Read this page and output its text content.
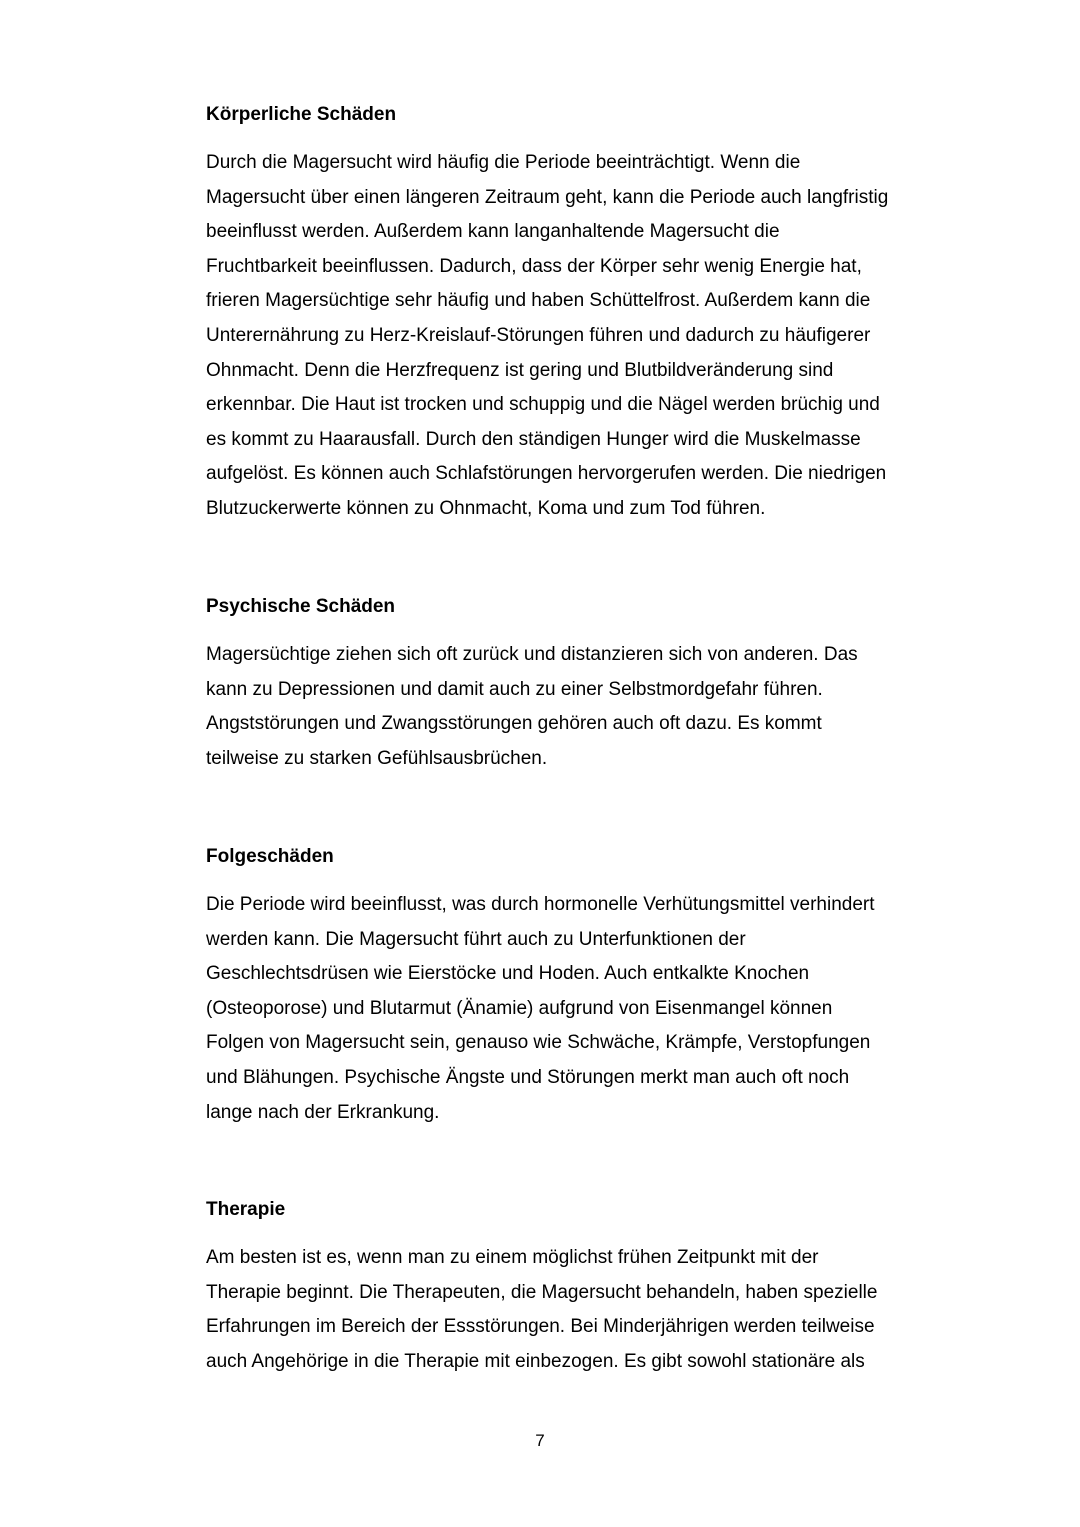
Körperliche Schäden

Durch die Magersucht wird häufig die Periode beeinträchtigt. Wenn die

Magersucht über einen längeren Zeitraum geht, kann die Periode auch langfristig

beeinflusst werden. Außerdem kann langanhaltende Magersucht die

Fruchtbarkeit beeinflussen. Dadurch, dass der Körper sehr wenig Energie hat,

frieren Magersüchtige sehr häufig und haben Schüttelfrost. Außerdem kann die

Unterernährung zu Herz-Kreislauf-Störungen führen und dadurch zu häufigerer

Ohnmacht. Denn die Herzfrequenz ist gering und Blutbildveränderung sind

erkennbar. Die Haut ist trocken und schuppig und die Nägel werden brüchig und

es kommt zu Haarausfall. Durch den ständigen Hunger wird die Muskelmasse

aufgelöst. Es können auch Schlafstörungen hervorgerufen werden. Die niedrigen

Blutzuckerwerte können zu Ohnmacht, Koma und zum Tod führen.

Psychische Schäden

Magersüchtige ziehen sich oft zurück und distanzieren sich von anderen. Das

kann zu Depressionen und damit auch zu einer Selbstmordgefahr führen.

Angststörungen und Zwangsstörungen gehören auch oft dazu. Es kommt

teilweise zu starken Gefühlsausbrüchen.

Folgeschäden

Die Periode wird beeinflusst, was durch hormonelle Verhütungsmittel verhindert

werden kann. Die Magersucht führt auch zu Unterfunktionen der

Geschlechtsdrüsen wie Eierstöcke und Hoden. Auch entkalkte Knochen

(Osteoporose) und Blutarmut (Änamie) aufgrund von Eisenmangel können

Folgen von Magersucht sein, genauso wie Schwäche, Krämpfe, Verstopfungen

und Blähungen. Psychische Ängste und Störungen merkt man auch oft noch

lange nach der Erkrankung.

Therapie

Am besten ist es, wenn man zu einem möglichst frühen Zeitpunkt mit der

Therapie beginnt. Die Therapeuten, die Magersucht behandeln, haben spezielle

Erfahrungen im Bereich der Essstörungen. Bei Minderjährigen werden teilweise

auch Angehörige in die Therapie mit einbezogen. Es gibt sowohl stationäre als

7
